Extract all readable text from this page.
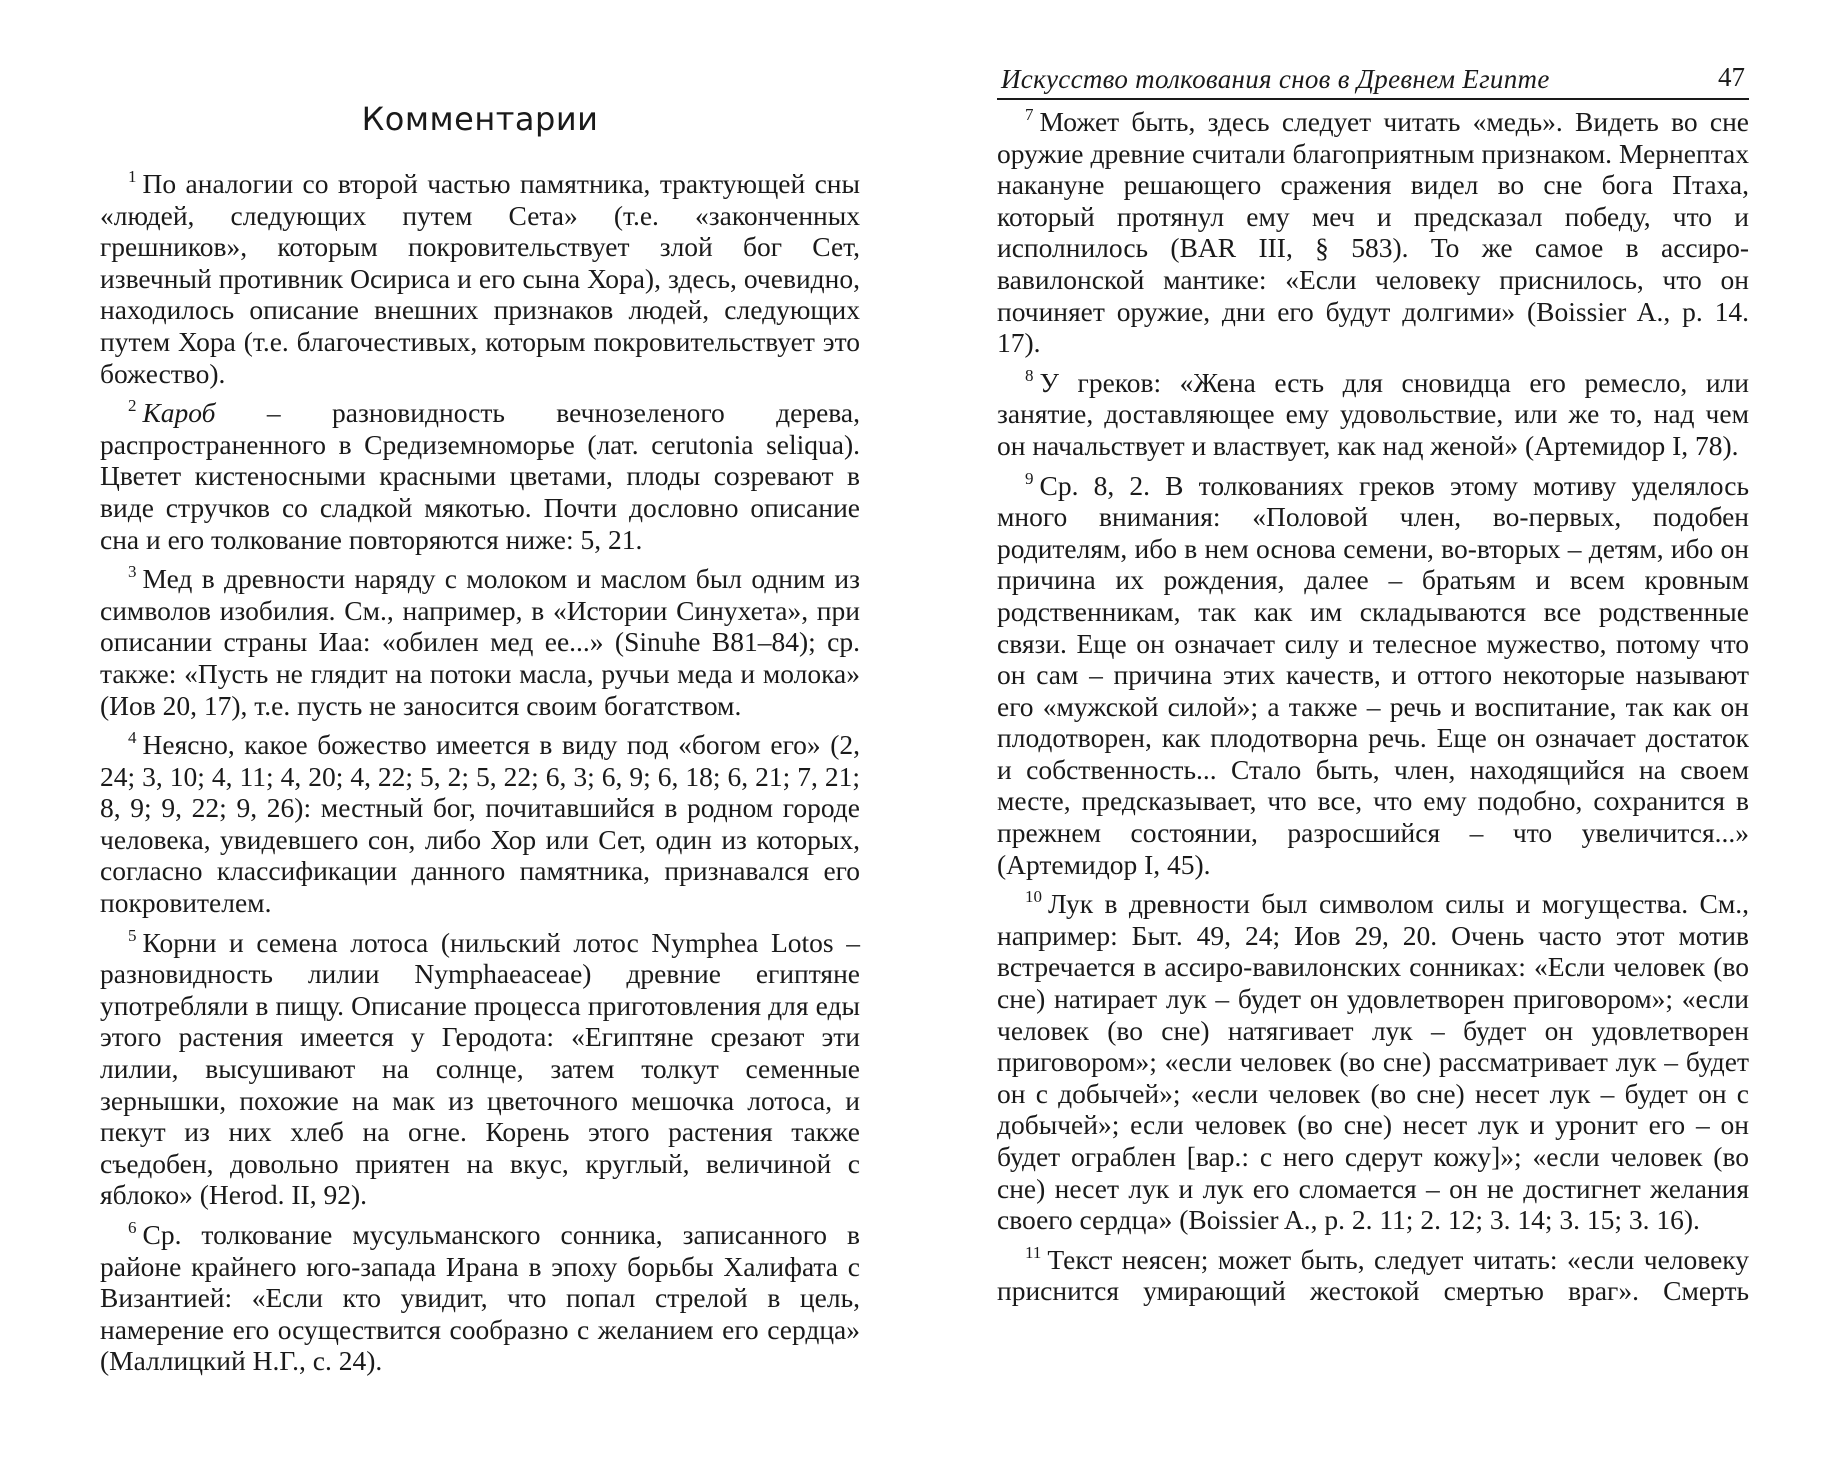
Комментарии

$^1$ По аналогии со второй частью памятника, трактующей сны «людей, следующих путем Сета» (т.е. «законченных грешников», которым покровительствует злой бог Сет, извечный противник Осириса и его сына Хора), здесь, очевидно, находилось описание внешних признаков людей, следующих путем Хора (т.е. благочестивых, которым покровительствует это божество).

$^2$ Кароб – разновидность вечнозеленого дерева, распространенного в Средиземноморье (лат. cerutonia seliqua). Цветет кистеносными красными цветами, плоды созревают в виде стручков со сладкой мякотью. Почти дословно описание сна и его толкование повторяются ниже: 5, 21.

$^3$ Мед в древности наряду с молоком и маслом был одним из символов изобилия. См., например, в «Истории Синухета», при описании страны Иаа: «обилен мед ее...» (Sinuhe B81–84); ср. также: «Пусть не глядит на потоки масла, ручьи меда и молока» (Иов 20, 17), т.е. пусть не заносится своим богатством.

$^4$ Неясно, какое божество имеется в виду под «богом его» (2, 24; 3, 10; 4, 11; 4, 20; 4, 22; 5, 2; 5, 22; 6, 3; 6, 9; 6, 18; 6, 21; 7, 21; 8, 9; 9, 22; 9, 26): местный бог, почитавшийся в родном городе человека, увидевшего сон, либо Хор или Сет, один из которых, согласно классификации данного памятника, признавался его покровителем.

$^5$ Корни и семена лотоса (нильский лотос Nymphea Lotos – разновидность лилии Nymphaeaceae) древние египтяне употребляли в пищу. Описание процесса приготовления для еды этого растения имеется у Геродота: «Египтяне срезают эти лилии, высушивают на солнце, затем толкут семенные зернышки, похожие на мак из цветочного мешочка лотоса, и пекут из них хлеб на огне. Корень этого растения также съедобен, довольно приятен на вкус, круглый, величиной с яблоко» (Herod. II, 92).

$^6$ Ср. толкование мусульманского сонника, записанного в районе крайнего юго-запада Ирана в эпоху борьбы Халифата с Византией: «Если кто увидит, что попал стрелой в цель, намерение его осуществится сообразно с желанием его сердца» (Маллицкий Н.Г., с. 24).

Искусство толкования снов в Древнем Египте	47

$^7$ Может быть, здесь следует читать «медь». Видеть во сне оружие древние считали благоприятным признаком. Мернептах накануне решающего сражения видел во сне бога Птаха, который протянул ему меч и предсказал победу, что и исполнилось (BAR III, § 583). То же самое в ассиро-вавилонской мантике: «Если человеку приснилось, что он починяет оружие, дни его будут долгими» (Boissier A., p. 14. 17).

$^8$ У греков: «Жена есть для сновидца его ремесло, или занятие, доставляющее ему удовольствие, или же то, над чем он начальствует и властвует, как над женой» (Артемидор I, 78).

$^9$ Ср. 8, 2. В толкованиях греков этому мотиву уделялось много внимания: «Половой член, во-первых, подобен родителям, ибо в нем основа семени, во-вторых – детям, ибо он причина их рождения, далее – братьям и всем кровным родственникам, так как им складываются все родственные связи. Еще он означает силу и телесное мужество, потому что он сам – причина этих качеств, и оттого некоторые называют его «мужской силой»; а также – речь и воспитание, так как он плодотворен, как плодотворна речь. Еще он означает достаток и собственность... Стало быть, член, находящийся на своем месте, предсказывает, что все, что ему подобно, сохранится в прежнем состоянии, разросшийся – что увеличится...» (Артемидор I, 45).

$^{10}$ Лук в древности был символом силы и могущества. См., например: Быт. 49, 24; Иов 29, 20. Очень часто этот мотив встречается в ассиро-вавилонских сонниках: «Если человек (во сне) натирает лук – будет он удовлетворен приговором»; «если человек (во сне) натягивает лук – будет он удовлетворен приговором»; «если человек (во сне) рассматривает лук – будет он с добычей»; «если человек (во сне) несет лук – будет он с добычей»; если человек (во сне) несет лук и уронит его – он будет ограблен [вар.: с него сдерут кожу]»; «если человек (во сне) несет лук и лук его сломается – он не достигнет желания своего сердца» (Boissier A., p. 2. 11; 2. 12; 3. 14; 3. 15; 3. 16).

$^{11}$ Текст неясен; может быть, следует читать: «если человеку приснится умирающий жестокой смертью враг». Смерть
